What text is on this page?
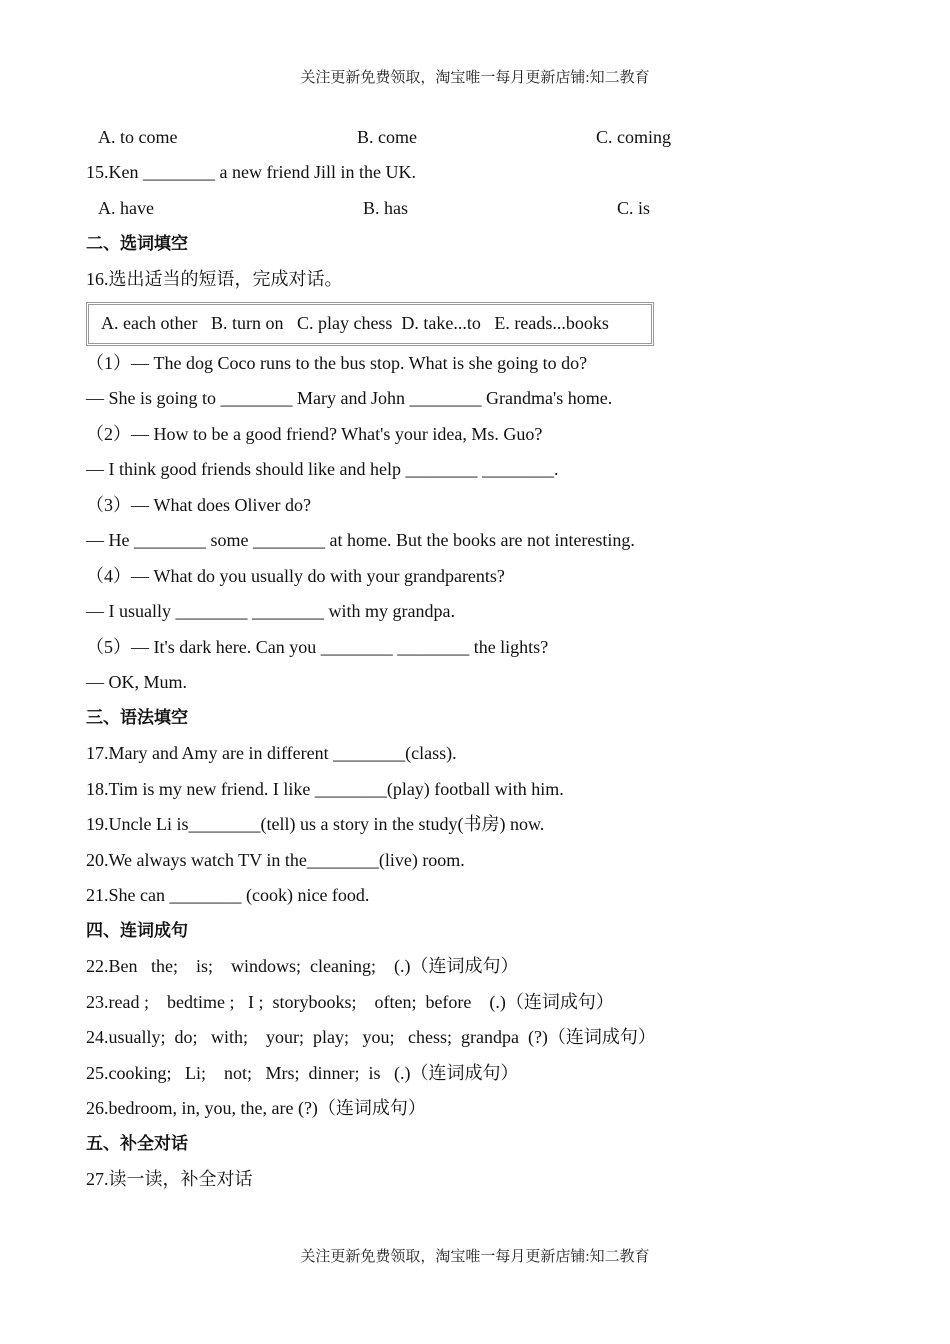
关注更新免费领取，淘宝唯一每月更新店铺:知二教育
A. to come	B. come	C. coming
15.Ken ________ a new friend Jill in the UK.
A. have	B. has	C. is
二、选词填空
16.选出适当的短语，完成对话。
A. each other   B. turn on   C. play chess  D. take...to   E. reads...books
（1）— The dog Coco runs to the bus stop. What is she going to do?
— She is going to ________ Mary and John ________ Grandma's home.
（2）— How to be a good friend? What's your idea, Ms. Guo?
— I think good friends should like and help ________ ________.
（3）— What does Oliver do?
— He ________ some ________ at home. But the books are not interesting.
（4）— What do you usually do with your grandparents?
— I usually ________ ________ with my grandpa.
（5）— It's dark here. Can you ________ ________ the lights?
— OK, Mum.
三、语法填空
17.Mary and Amy are in different ________(class).
18.Tim is my new friend. I like ________(play) football with him.
19.Uncle Li is________(tell) us a story in the study(书房) now.
20.We always watch TV in the________(live) room.
21.She can ________ (cook) nice food.
四、连词成句
22.Ben   the;    is;    windows;  cleaning;    (.)（连词成句）
23.read ;    bedtime ;   I ;  storybooks;    often;  before    (.)（连词成句）
24.usually;  do;   with;    your;  play;   you;   chess;  grandpa  (?)（连词成句）
25.cooking;   Li;    not;   Mrs;  dinner;  is   (.)（连词成句）
26.bedroom, in, you, the, are (?)（连词成句）
五、补全对话
27.读一读，补全对话
关注更新免费领取，淘宝唯一每月更新店铺:知二教育
